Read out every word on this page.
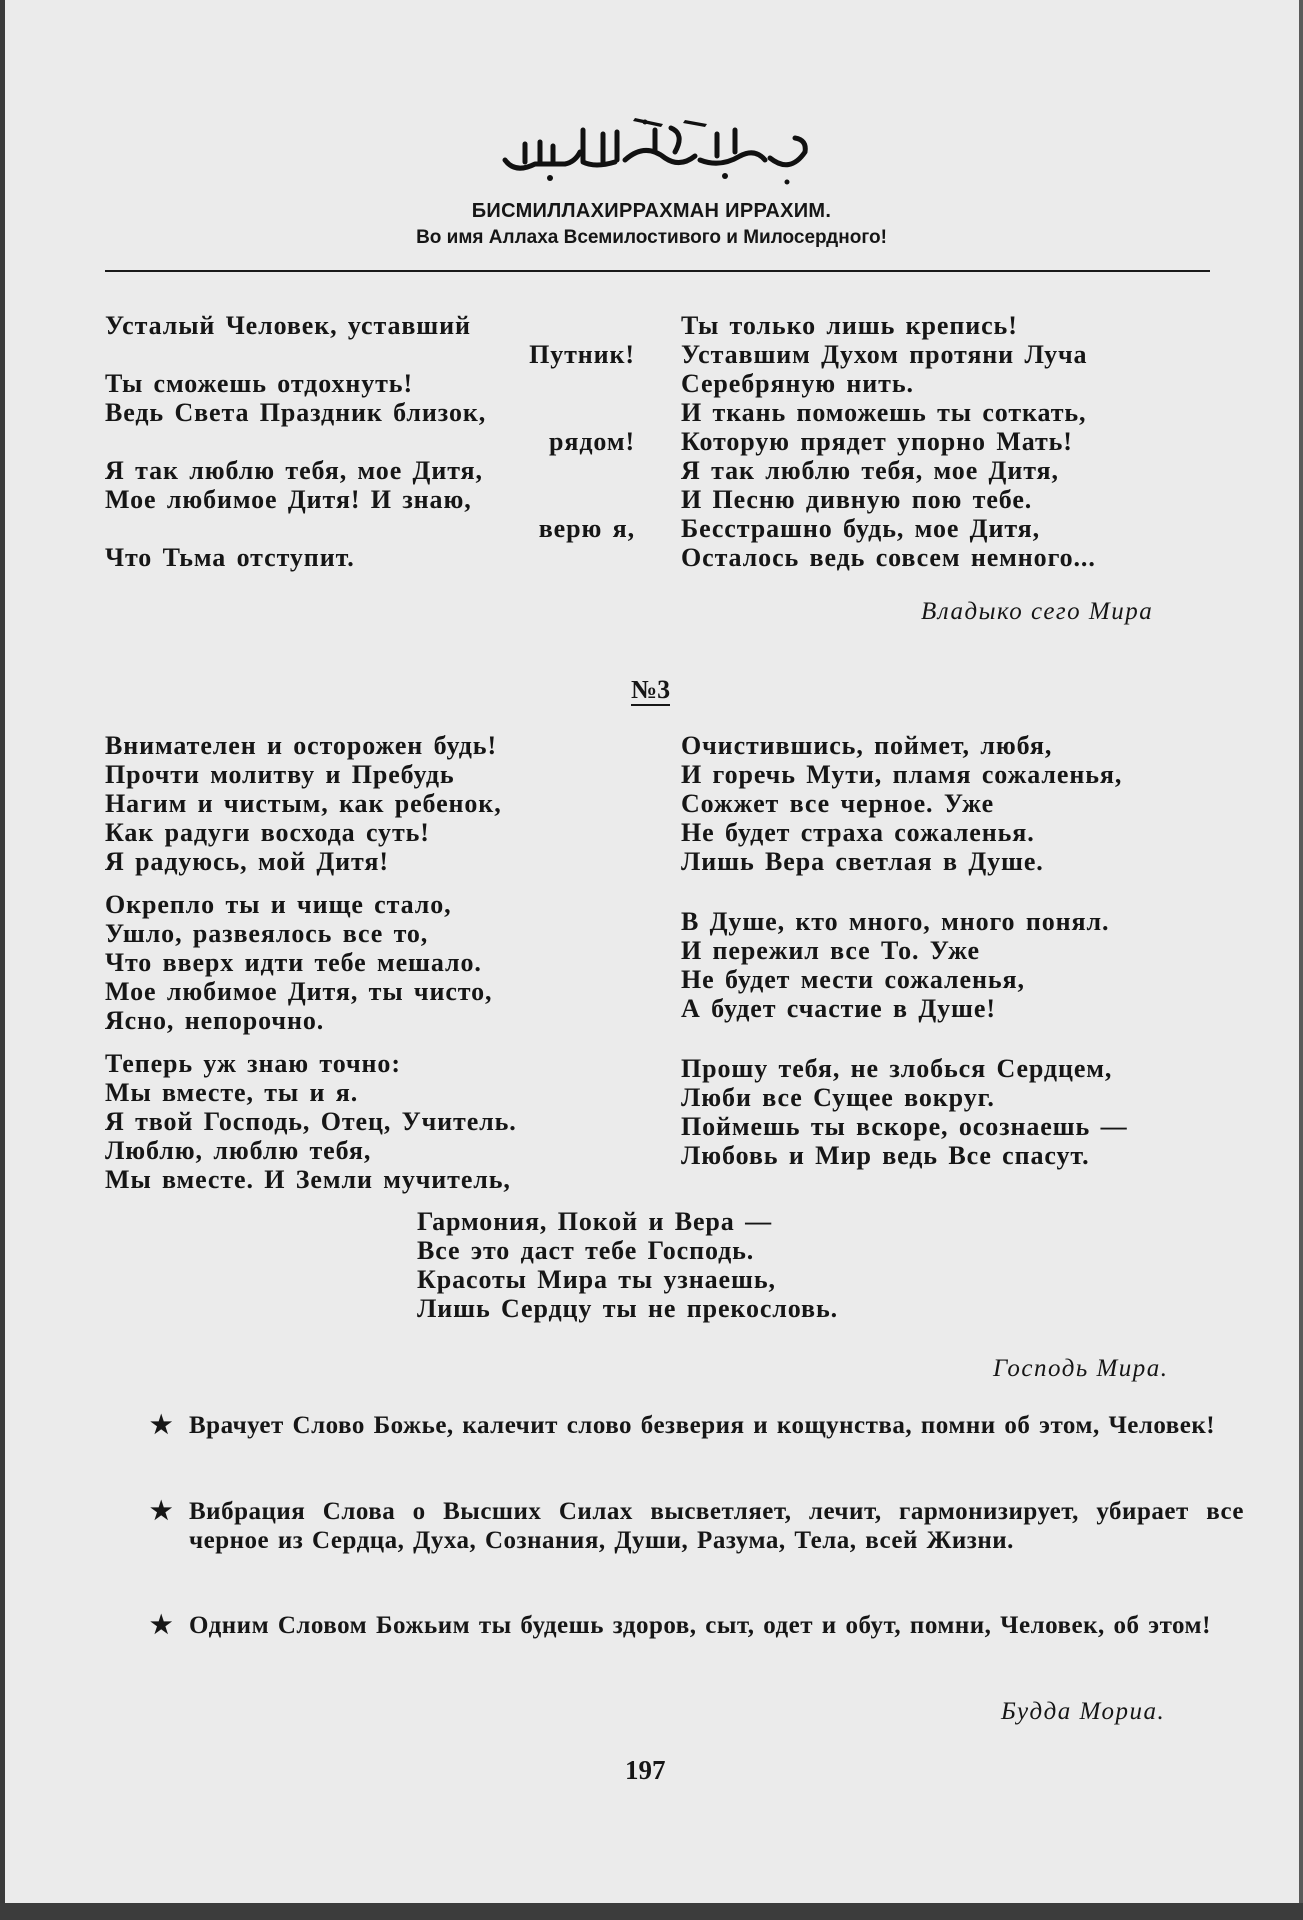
بِسْمِ ٱللَّهِ ٱلرَّحْمَٰنِ ٱلرَّحِيمِ
БИСМИЛЛАХИРРАХМАН ИРРАХИМ.
Во имя Аллаха Всемилостивого и Милосердного!
Усталый Человек, уставший
Путник!
Ты сможешь отдохнуть!
Ведь Света Праздник близок,
рядом!
Я так люблю тебя, мое Дитя,
Мое любимое Дитя! И знаю,
верю я,
Что Тьма отступит.
Ты только лишь крепись!
Уставшим Духом протяни Луча
Серебряную нить.
И ткань поможешь ты соткать,
Которую прядет упорно Мать!
Я так люблю тебя, мое Дитя,
И Песню дивную пою тебе.
Бесстрашно будь, мое Дитя,
Осталось ведь совсем немного...
Владыко сего Мира
№3
Внимателен и осторожен будь!
Прочти молитву и Пребудь
Нагим и чистым, как ребенок,
Как радуги восхода суть!
Я радуюсь, мой Дитя!
Окрепло ты и чище стало,
Ушло, развеялось все то,
Что вверх идти тебе мешало.
Мое любимое Дитя, ты чисто,
Ясно, непорочно.
Теперь уж знаю точно:
Мы вместе, ты и я.
Я твой Господь, Отец, Учитель.
Люблю, люблю тебя,
Мы вместе. И Земли мучитель,
Очистившись, поймет, любя,
И горечь Мути, пламя сожаленья,
Сожжет все черное. Уже
Не будет страха сожаленья.
Лишь Вера светлая в Душе.
В Душе, кто много, много понял.
И пережил все То. Уже
Не будет мести сожаленья,
А будет счастие в Душе!
Прошу тебя, не злобься Сердцем,
Люби все Сущее вокруг.
Поймешь ты вскоре, осознаешь —
Любовь и Мир ведь Все спасут.
Гармония, Покой и Вера —
Все это даст тебе Господь.
Красоты Мира ты узнаешь,
Лишь Сердцу ты не прекословь.
Господь Мира.
★ Врачует Слово Божье, калечит слово безверия и кощунства, помни об этом, Человек!
★ Вибрация Слова о Высших Силах высветляет, лечит, гармонизирует, убирает все черное из Сердца, Духа, Сознания, Души, Разума, Тела, всей Жизни.
★ Одним Словом Божьим ты будешь здоров, сыт, одет и обут, помни, Человек, об этом!
Будда Мориа.
197
